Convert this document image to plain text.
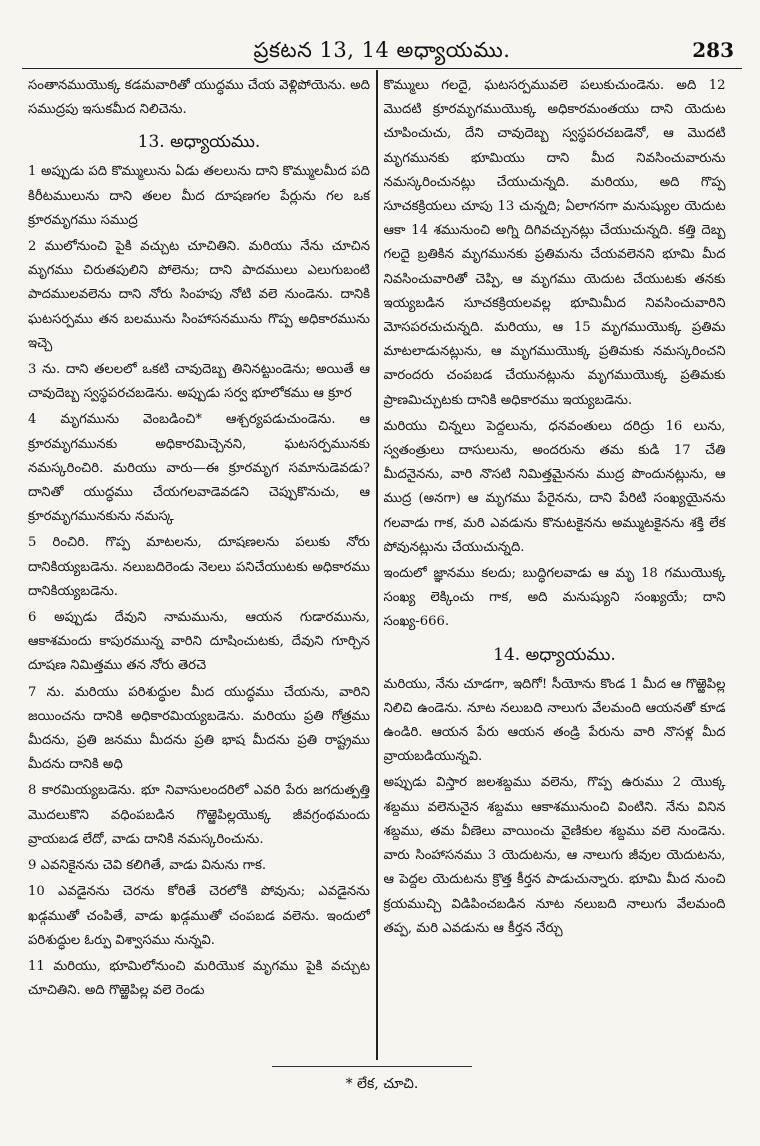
ప్రకటన 13, 14 అధ్యాయము.	283

సంతానముయొక్క కడమవారితో యుద్ధము చేయ వెళ్లిపోయెను. అది సముద్రపు ఇసుకమీద నిలిచెను.

13. అధ్యాయము.

1 అప్పుడు పది కొమ్ములును ఏడు తలలును దాని కొమ్ములమీద పది కిరీటములును దాని తలల మీద దూషణగల పేర్లును గల ఒక క్రూరమృగము సముద్ర

2 ములోనుంచి పైకి వచ్చుట చూచితిని. మరియు నేను చూచిన మృగము చిరుతపులిని పోలెను; దాని పాదములు ఎలుగుబంటి పాదములవలెను దాని నోరు సింహపు నోటి వలె నుండెను. దానికి ఘటసర్పము తన బలమును సింహాసనమును గొప్ప అధికారమును ఇచ్చె

3 ను. దాని తలలలో ఒకటి చావుదెబ్బ తినినట్టుండెను; అయితే ఆ చావుదెబ్బ స్వస్థపరచబడెను. అప్పుడు సర్వ భూలోకము ఆ క్రూర

4 మృగమును వెంబడించి* ఆశ్చర్యపడుచుండెను. ఆ క్రూరమృగమునకు అధికారమిచ్చెనని, ఘటసర్పమునకు నమస్కరించిరి. మరియు వారు—ఈ క్రూరమృగ సమానుడెవడు? దానితో యుద్ధము చేయగలవాడెవడని చెప్పుకొనుచు, ఆ క్రూరమృగమునకును నమస్క

5 రించిరి. గొప్ప మాటలను, దూషణలను పలుకు నోరు దానికియ్యబడెను. నలుబదిరెండు నెలలు పనిచేయుటకు అధికారము దానికియ్యబడెను.

6 అప్పుడు దేవుని నామమును, ఆయన గుడారమును, ఆకాశమందు కాపురమున్న వారిని దూషించుటకు, దేవుని గూర్చిన దూషణ నిమిత్తము తన నోరు తెరచె

7 ను. మరియు పరిశుద్ధుల మీద యుద్ధము చేయను, వారిని జయించను దానికి అధికారమియ్యబడెను. మరియు ప్రతి గోత్రము మీదను, ప్రతి జనము మీదను ప్రతి భాష మీదను ప్రతి రాష్ట్రము మీదను దానికి అధి

8 కారమియ్యబడెను. భూ నివాసులందరిలో ఎవరి పేరు జగదుత్పత్తి మొదలుకొని వధింపబడిన గొఱ్ఱెపిల్లయొక్క జీవగ్రంథమందు వ్రాయబడ లేదో, వాడు దానికి నమస్కరించును.

9 ఎవనికైనను చెవి కలిగితే, వాడు వినును గాక.

10 ఎవడైనను చెరను కోరితే చెరలోకి పోవును; ఎవడైనను ఖడ్గముతో చంపితే, వాడు ఖడ్గముతో చంపబడ వలెను. ఇందులో పరిశుద్ధుల ఓర్పు విశ్వాసము నున్నవి.

11 మరియు, భూమిలోనుంచి మరియొక మృగము పైకి వచ్చుట చూచితిని. అది గొఱ్ఱెపిల్ల వలె రెండు

కొమ్ములు గలదై, ఘటసర్పమువలె పలుకుచుండెను. అది 12 మొదటి క్రూరమృగముయొక్క అధికారమంతయు దాని యెదుట చూపించుచు, దేని చావుదెబ్బ స్వస్థపరచబడెనో, ఆ మొదటి మృగమునకు భూమియు దాని మీద నివసించువారును నమస్కరించునట్లు చేయుచున్నది. మరియు, అది గొప్ప సూచకక్రియలు చూపు 13 చున్నది; ఏలాగనగా మనుష్యుల యెదుట ఆకా 14 శమునుంచి అగ్ని దిగివచ్చునట్లు చేయుచున్నది. కత్తి దెబ్బ గలదై బ్రతికిన మృగమునకు ప్రతిమను చేయవలెనని భూమి మీద నివసించువారితో చెప్పి, ఆ మృగము యెదుట చేయుటకు తనకు ఇయ్యబడిన సూచకక్రియలవల్ల భూమిమీద నివసించువారిని మోసపరచుచున్నది. మరియు, ఆ 15 మృగముయొక్క ప్రతిమ మాటలాడునట్లును, ఆ మృగముయొక్క ప్రతిమకు నమస్కరించని వారందరు చంపబడ చేయునట్లును మృగముయొక్క ప్రతిమకు ప్రాణమిచ్చుటకు దానికి అధికారము ఇయ్యబడెను.

మరియు చిన్నలు పెద్దలును, ధనవంతులు దరిద్రు 16 లును, స్వతంత్రులు దాసులును, అందరును తమ కుడి 17 చేతి మీదనైనను, వారి నొసటి నిమిత్తమైనను ముద్ర పొందునట్లును, ఆ ముద్ర (అనగా) ఆ మృగము పేరైనను, దాని పేరిటి సంఖ్యయైనను గలవాడు గాక, మరి ఎవడును కొనుటకైనను అమ్ముటకైనను శక్తి లేక పోవునట్లును చేయుచున్నది.

ఇందులో జ్ఞానము కలదు; బుద్ధిగలవాడు ఆ మృ 18 గముయొక్క సంఖ్య లెక్కించు గాక, అది మనుష్యుని సంఖ్యయే; దాని సంఖ్య-666.

14. అధ్యాయము.

మరియు, నేను చూడగా, ఇదిగో! సీయోను కొండ 1 మీద ఆ గొఱ్ఱెపిల్ల నిలిచి ఉండెను. నూట నలుబది నాలుగు వేలమంది ఆయనతో కూడ ఉండిరి. ఆయన పేరు ఆయన తండ్రి పేరును వారి నొసళ్ల మీద వ్రాయబడియున్నవి.

అప్పుడు విస్తార జలశబ్దము వలెను, గొప్ప ఉరుము 2 యొక్క శబ్దము వలెనునైన శబ్దము ఆకాశమునుంచి వింటిని. నేను వినిన శబ్దము, తమ వీణెలు వాయించు వైణికుల శబ్దము వలె నుండెను. వారు సింహాసనము 3 యెదుటను, ఆ నాలుగు జీవుల యెదుటను, ఆ పెద్దల యెదుటను క్రొత్త కీర్తన పాడుచున్నారు. భూమి మీద నుంచి క్రయముచ్చి విడిపించబడిన నూట నలుబది నాలుగు వేలమంది తప్ప, మరి ఎవడును ఆ కీర్తన నేర్చు

* లేక, చూచి.
